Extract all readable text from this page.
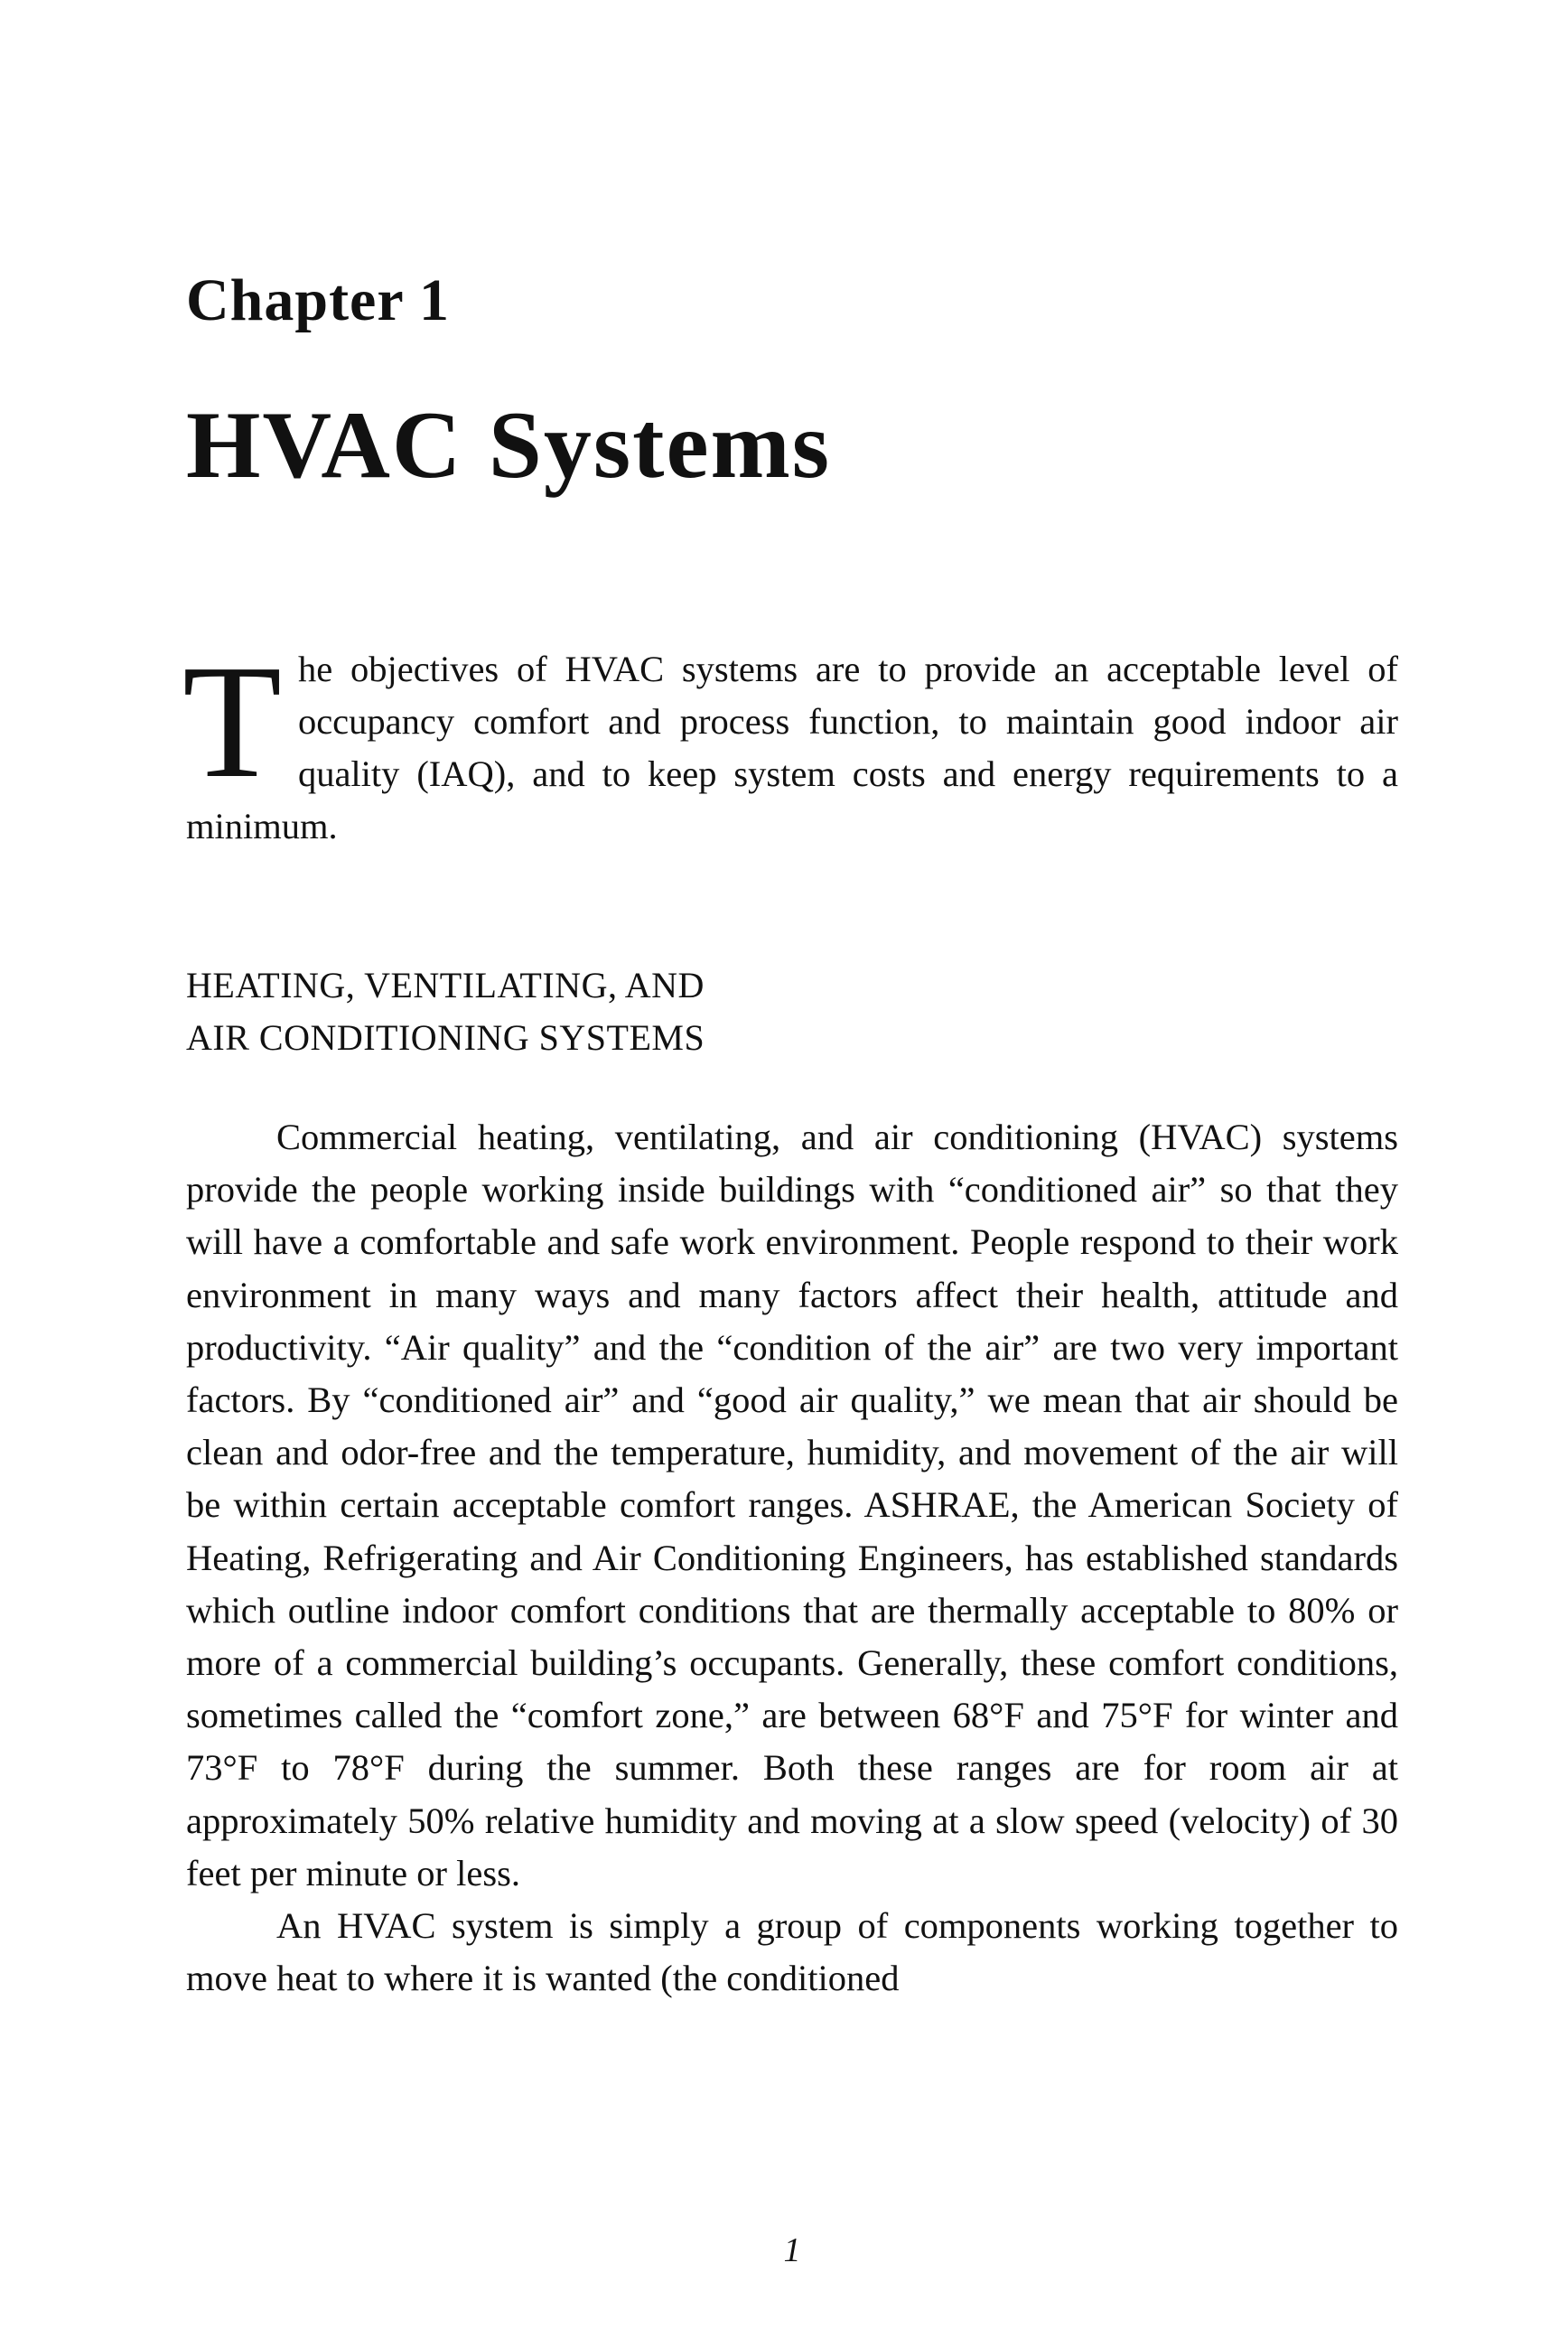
Chapter 1
HVAC Systems

The objectives of HVAC systems are to provide an acceptable level of occupancy comfort and process function, to maintain good indoor air quality (IAQ), and to keep system costs and energy requirements to a minimum.

HEATING, VENTILATING, AND
AIR CONDITIONING SYSTEMS

Commercial heating, ventilating, and air conditioning (HVAC) systems provide the people working inside buildings with “conditioned air” so that they will have a comfortable and safe work environment. People respond to their work environment in many ways and many factors affect their health, attitude and productivity. “Air quality” and the “condition of the air” are two very important factors. By “conditioned air” and “good air quality,” we mean that air should be clean and odor-free and the temperature, humidity, and movement of the air will be within certain acceptable comfort ranges. ASHRAE, the American Society of Heating, Refrigerating and Air Conditioning Engineers, has established standards which outline indoor comfort conditions that are thermally acceptable to 80% or more of a commercial building’s occupants. Generally, these comfort conditions, sometimes called the “comfort zone,” are between 68°F and 75°F for winter and 73°F to 78°F during the summer. Both these ranges are for room air at approximately 50% relative humidity and moving at a slow speed (velocity) of 30 feet per minute or less.

An HVAC system is simply a group of components working together to move heat to where it is wanted (the conditioned

1
